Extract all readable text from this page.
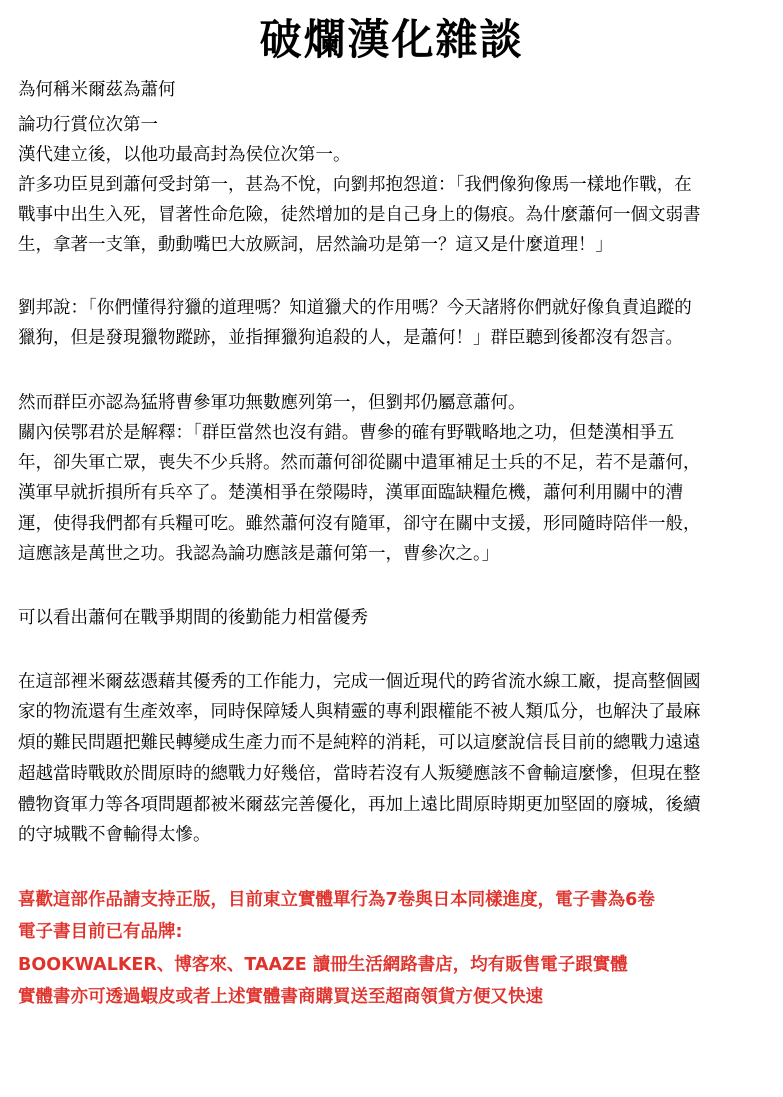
破爛漢化雜談
為何稱米爾茲為蕭何
論功行賞位次第一
漢代建立後，以他功最高封為侯位次第一。
許多功臣見到蕭何受封第一，甚為不悅，向劉邦抱怨道：「我們像狗像馬一樣地作戰，在
戰事中出生入死，冒著性命危險，徒然增加的是自己身上的傷痕。為什麼蕭何一個文弱書
生，拿著一支筆，動動嘴巴大放厥詞，居然論功是第一？這又是什麼道理！」
劉邦說：「你們懂得狩獵的道理嗎？知道獵犬的作用嗎？今天諸將你們就好像負責追蹤的
獵狗，但是發現獵物蹤跡，並指揮獵狗追殺的人，是蕭何！」群臣聽到後都沒有怨言。
然而群臣亦認為猛將曹參軍功無數應列第一，但劉邦仍屬意蕭何。
關內侯鄂君於是解釋：「群臣當然也沒有錯。曹參的確有野戰略地之功，但楚漢相爭五
年，卻失軍亡眾，喪失不少兵將。然而蕭何卻從關中遣軍補足士兵的不足，若不是蕭何，
漢軍早就折損所有兵卒了。楚漢相爭在滎陽時，漢軍面臨缺糧危機，蕭何利用關中的漕
運，使得我們都有兵糧可吃。雖然蕭何沒有隨軍，卻守在關中支援，形同隨時陪伴一般，
這應該是萬世之功。我認為論功應該是蕭何第一，曹參次之。」
可以看出蕭何在戰爭期間的後勤能力相當優秀
在這部裡米爾茲憑藉其優秀的工作能力，完成一個近現代的跨省流水線工廠，提高整個國
家的物流還有生產效率，同時保障矮人與精靈的專利跟權能不被人類瓜分，也解決了最麻
煩的難民問題把難民轉變成生產力而不是純粹的消耗，可以這麼說信長目前的總戰力遠遠
超越當時戰敗於間原時的總戰力好幾倍，當時若沒有人叛變應該不會輸這麼慘，但現在整
體物資軍力等各項問題都被米爾茲完善優化，再加上遠比間原時期更加堅固的廢城，後續
的守城戰不會輸得太慘。
喜歡這部作品請支持正版，目前東立實體單行為7卷與日本同樣進度，電子書為6卷
電子書目前已有品牌:
BOOKWALKER、博客來、TAAZE 讀冊生活網路書店，均有販售電子跟實體
實體書亦可透過蝦皮或者上述實體書商購買送至超商領貨方便又快速
